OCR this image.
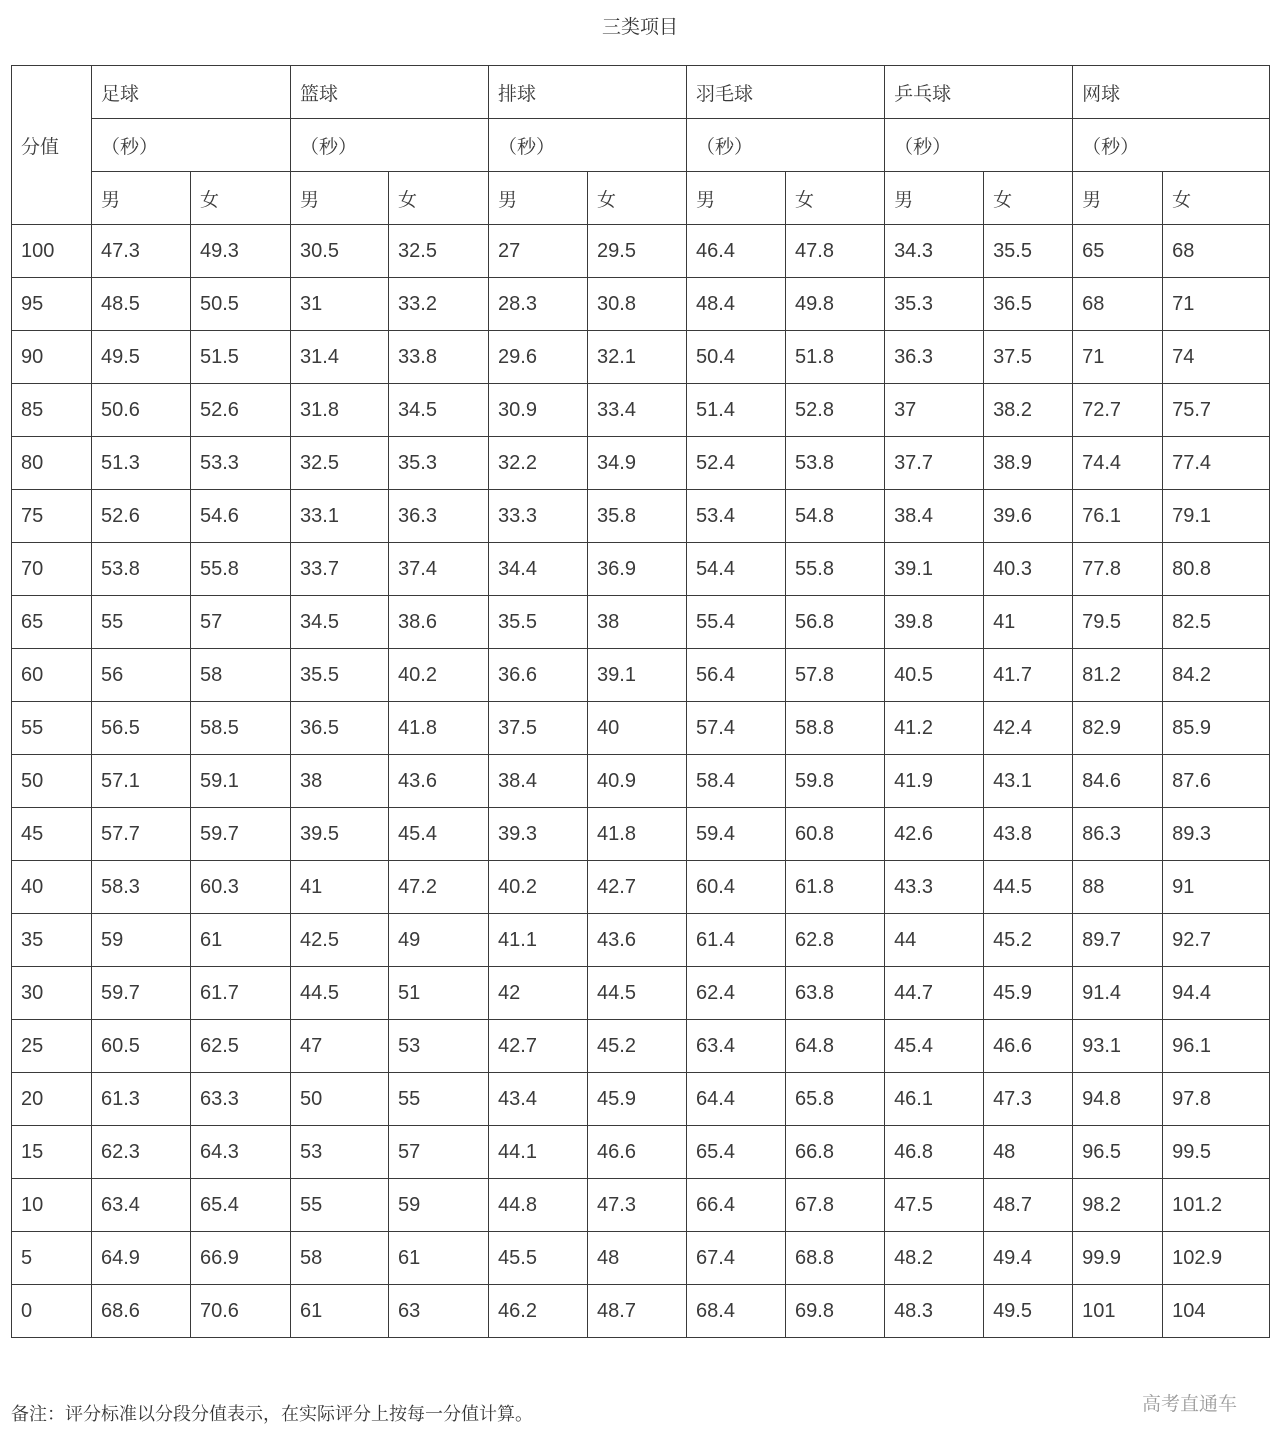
三类项目
分值	足球		篮球		排球		羽毛球		乒乓球		网球	
	（秒）		（秒）		（秒）		（秒）		（秒）		（秒）	
	男	女	男	女	男	女	男	女	男	女	男	女
100	47.3	49.3	30.5	32.5	27	29.5	46.4	47.8	34.3	35.5	65	68
95	48.5	50.5	31	33.2	28.3	30.8	48.4	49.8	35.3	36.5	68	71
90	49.5	51.5	31.4	33.8	29.6	32.1	50.4	51.8	36.3	37.5	71	74
85	50.6	52.6	31.8	34.5	30.9	33.4	51.4	52.8	37	38.2	72.7	75.7
80	51.3	53.3	32.5	35.3	32.2	34.9	52.4	53.8	37.7	38.9	74.4	77.4
75	52.6	54.6	33.1	36.3	33.3	35.8	53.4	54.8	38.4	39.6	76.1	79.1
70	53.8	55.8	33.7	37.4	34.4	36.9	54.4	55.8	39.1	40.3	77.8	80.8
65	55	57	34.5	38.6	35.5	38	55.4	56.8	39.8	41	79.5	82.5
60	56	58	35.5	40.2	36.6	39.1	56.4	57.8	40.5	41.7	81.2	84.2
55	56.5	58.5	36.5	41.8	37.5	40	57.4	58.8	41.2	42.4	82.9	85.9
50	57.1	59.1	38	43.6	38.4	40.9	58.4	59.8	41.9	43.1	84.6	87.6
45	57.7	59.7	39.5	45.4	39.3	41.8	59.4	60.8	42.6	43.8	86.3	89.3
40	58.3	60.3	41	47.2	40.2	42.7	60.4	61.8	43.3	44.5	88	91
35	59	61	42.5	49	41.1	43.6	61.4	62.8	44	45.2	89.7	92.7
30	59.7	61.7	44.5	51	42	44.5	62.4	63.8	44.7	45.9	91.4	94.4
25	60.5	62.5	47	53	42.7	45.2	63.4	64.8	45.4	46.6	93.1	96.1
20	61.3	63.3	50	55	43.4	45.9	64.4	65.8	46.1	47.3	94.8	97.8
15	62.3	64.3	53	57	44.1	46.6	65.4	66.8	46.8	48	96.5	99.5
10	63.4	65.4	55	59	44.8	47.3	66.4	67.8	47.5	48.7	98.2	101.2
5	64.9	66.9	58	61	45.5	48	67.4	68.8	48.2	49.4	99.9	102.9
0	68.6	70.6	61	63	46.2	48.7	68.4	69.8	48.3	49.5	101	104
备注：评分标准以分段分值表示，在实际评分上按每一分值计算。	高考直通车
